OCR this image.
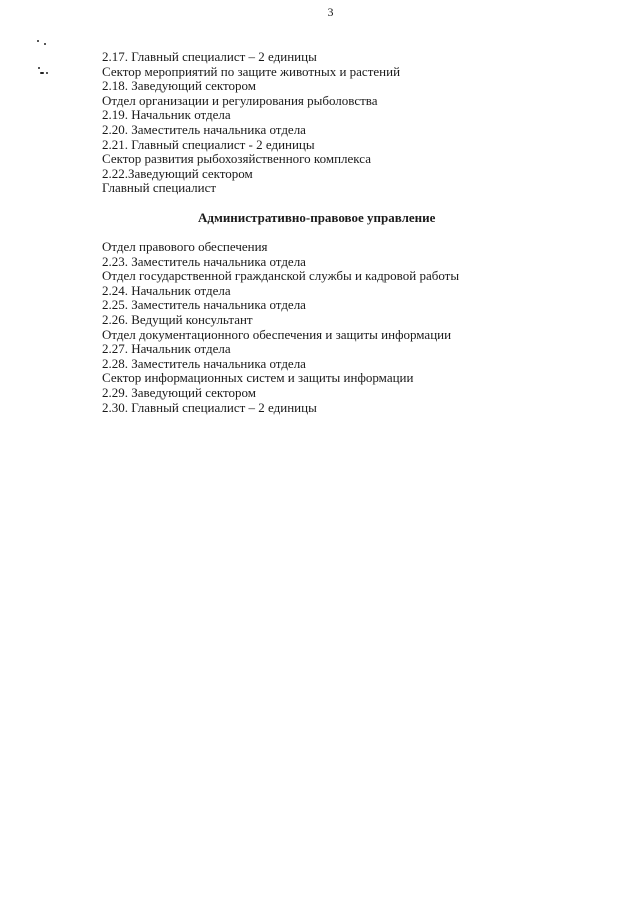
3
2.17. Главный специалист – 2 единицы
Сектор мероприятий по защите животных и растений
2.18. Заведующий сектором
Отдел организации и регулирования рыболовства
2.19. Начальник отдела
2.20. Заместитель начальника отдела
2.21. Главный специалист - 2 единицы
Сектор развития рыбохозяйственного комплекса
2.22.Заведующий сектором
Главный специалист
Административно-правовое управление
Отдел правового обеспечения
2.23. Заместитель начальника отдела
Отдел государственной гражданской службы и кадровой работы
2.24. Начальник отдела
2.25. Заместитель начальника отдела
2.26. Ведущий консультант
Отдел документационного обеспечения и защиты информации
2.27. Начальник отдела
2.28. Заместитель начальника отдела
Сектор информационных систем и защиты информации
2.29. Заведующий сектором
2.30. Главный специалист – 2 единицы
